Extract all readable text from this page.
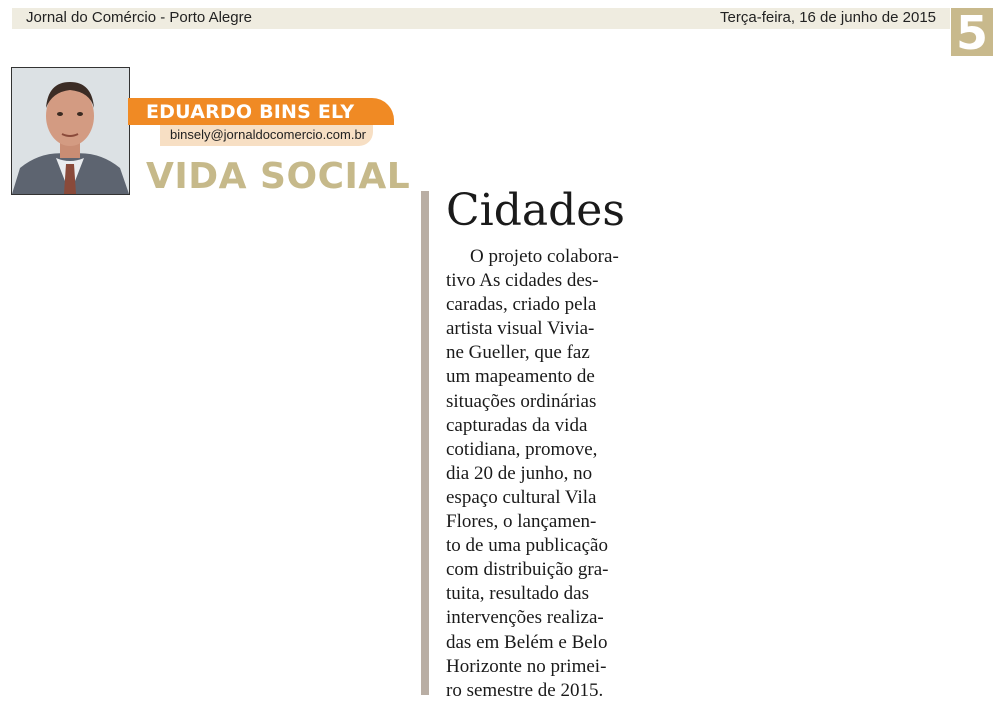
Jornal do Comércio - Porto Alegre	Terça-feira, 16 de junho de 2015 5
EDUARDO BINS ELY
binsely@jornaldocomercio.com.br
VIDA SOCIAL
Cidades
O projeto colabora-
tivo As cidades des-
caradas, criado pela
artista visual Vivia-
ne Gueller, que faz
um mapeamento de
situações ordinárias
capturadas da vida
cotidiana, promove,
dia 20 de junho, no
espaço cultural Vila
Flores, o lançamen-
to de uma publicação
com distribuição gra-
tuita, resultado das
intervenções realiza-
das em Belém e Belo
Horizonte no primei-
ro semestre de 2015.
